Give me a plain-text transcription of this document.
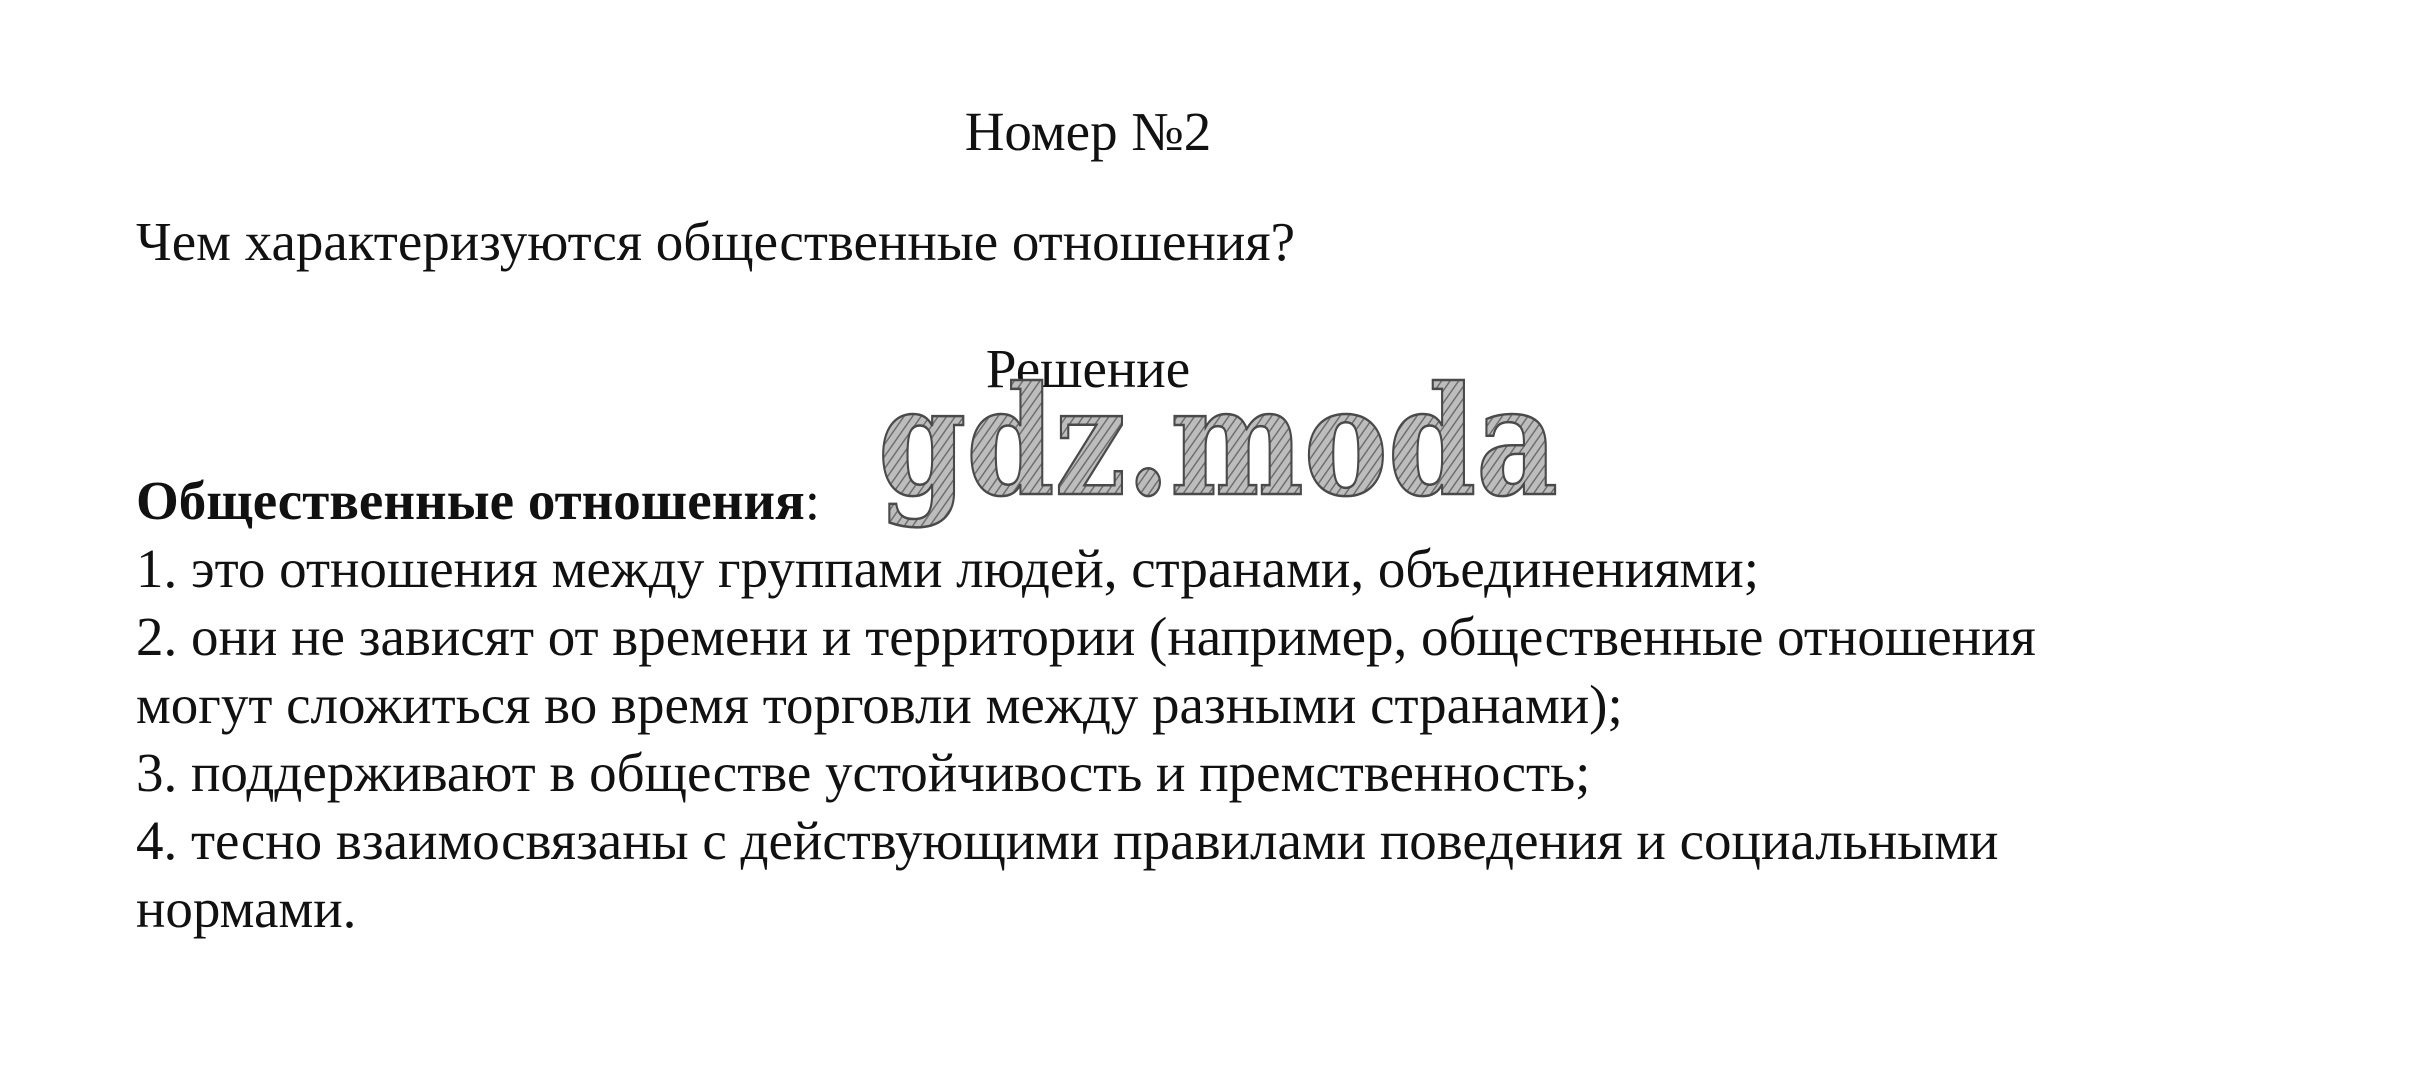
Номер №2
Чем характеризуются общественные отношения?
Решение
Общественные отношения:
1. это отношения между группами людей, странами, объединениями;
2. они не зависят от времени и территории (например, общественные отношения
могут сложиться во время торговли между разными странами);
3. поддерживают в обществе устойчивость и премственность;
4. тесно взаимосвязаны с действующими правилами поведения и социальными
нормами.
gdz.moda
